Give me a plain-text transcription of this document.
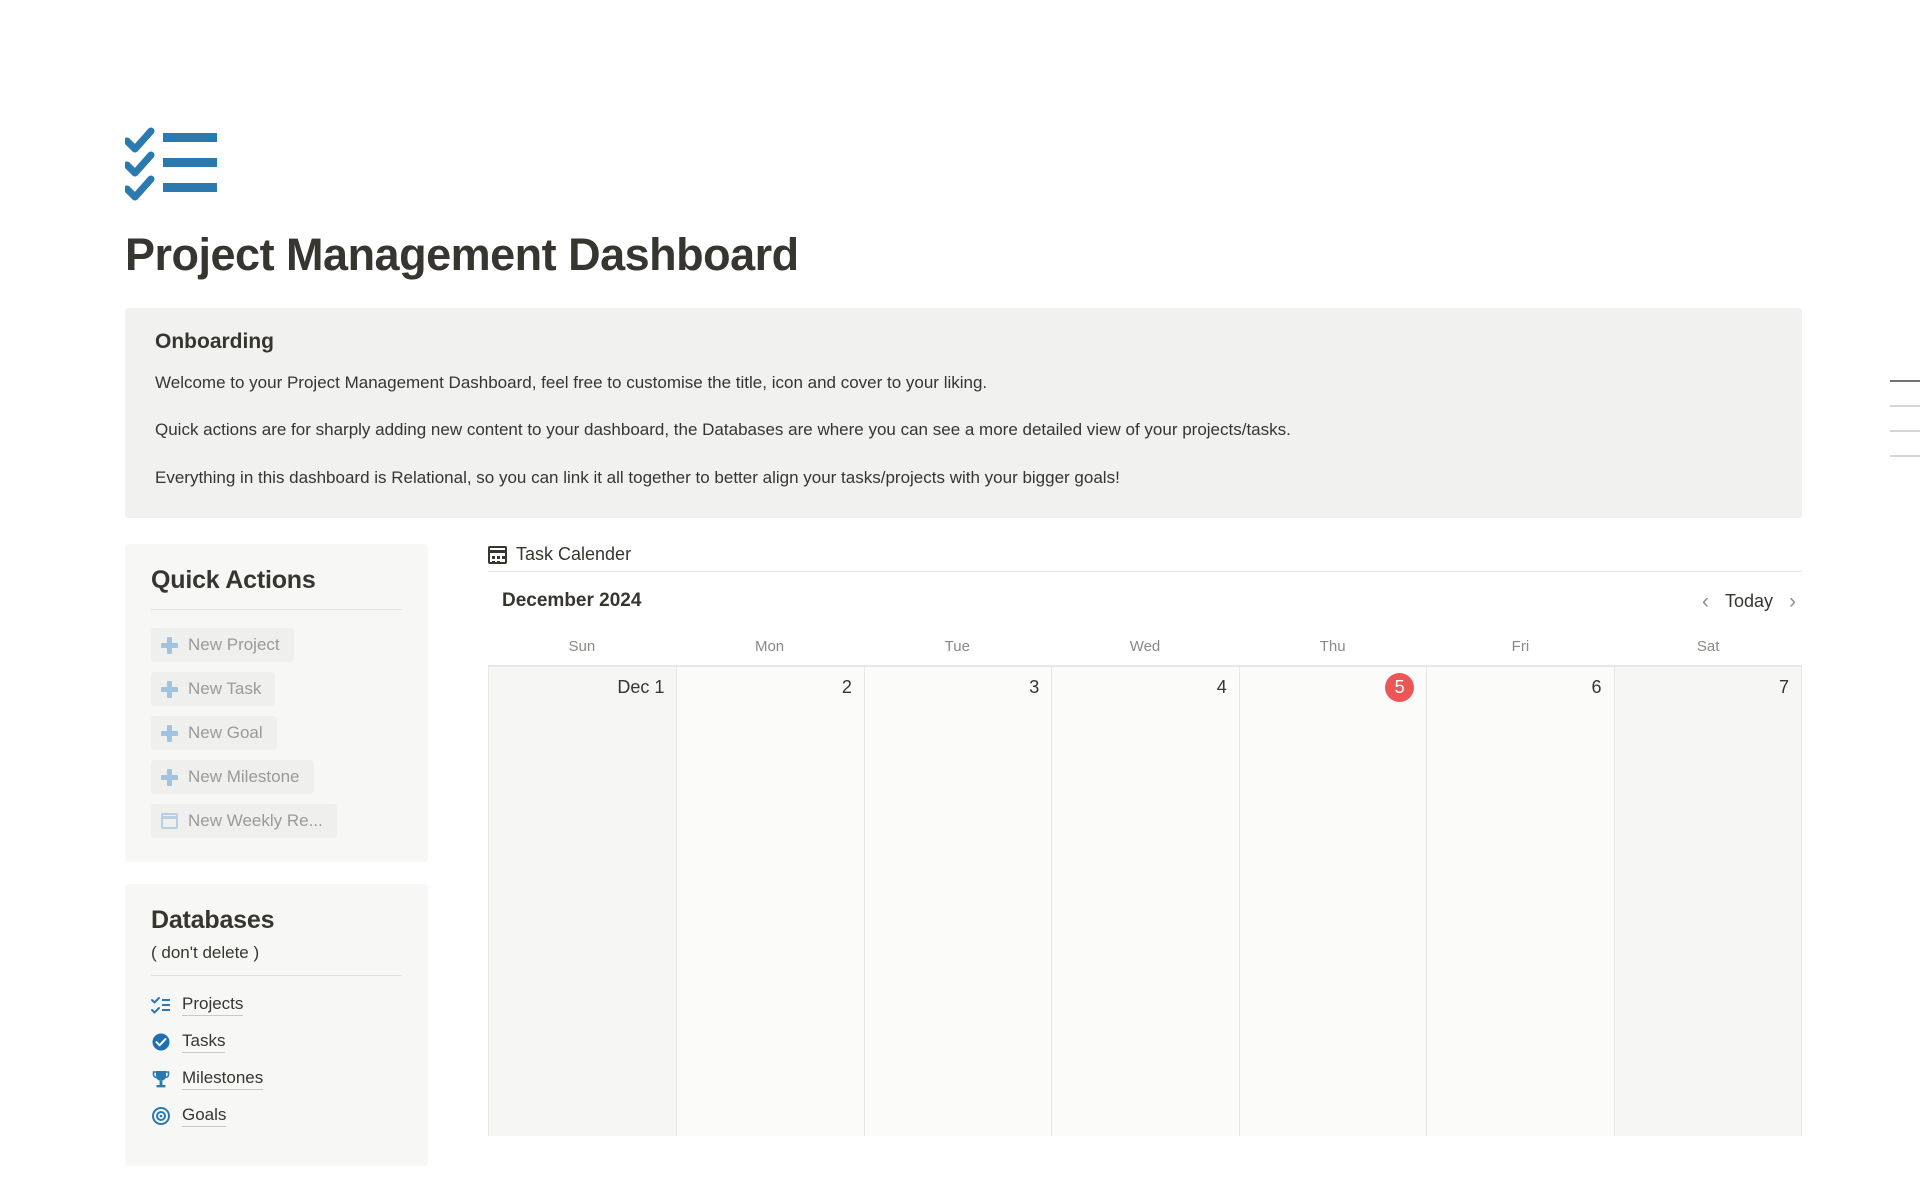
Project Management Dashboard
Onboarding

Welcome to your Project Management Dashboard, feel free to customise the title, icon and cover to your liking.

Quick actions are for sharply adding new content to your dashboard, the Databases are where you can see a more detailed view of your projects/tasks.

Everything in this dashboard is Relational, so you can link it all together to better align your tasks/projects with your bigger goals!

Quick Actions
New Project
New Task
New Goal
New Milestone
New Weekly Re...
Databases
( don't delete )
Projects
Tasks
Milestones
Goals
Task Calender
December 2024	‹ Today ›
Sun	Mon	Tue	Wed	Thu	Fri	Sat
Dec 1	2	3	4	5	6	7
